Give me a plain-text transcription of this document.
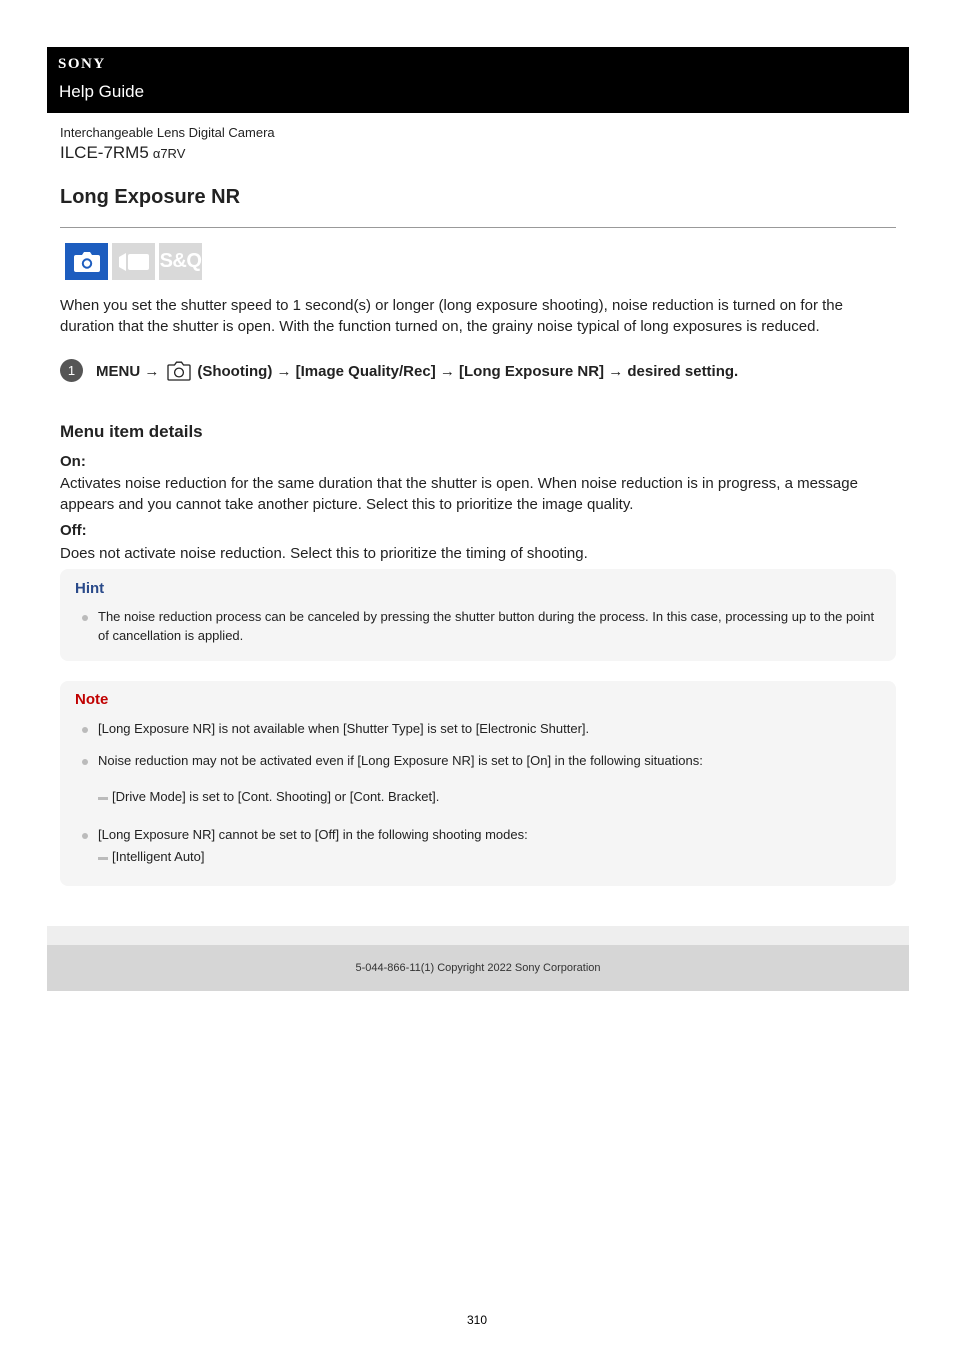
SONY
Help Guide
Interchangeable Lens Digital Camera
ILCE-7RM5 α7RV
Long Exposure NR
S&Q

When you set the shutter speed to 1 second(s) or longer (long exposure shooting), noise reduction is turned on for the duration that the shutter is open. With the function turned on, the grainy noise typical of long exposures is reduced.

1	MENU →	(Shooting) → [Image Quality/Rec] → [Long Exposure NR] → desired setting.
Menu item details
On:

Activates noise reduction for the same duration that the shutter is open. When noise reduction is in progress, a message appears and you cannot take another picture. Select this to prioritize the image quality.

Off:

Does not activate noise reduction. Select this to prioritize the timing of shooting.

Hint

The noise reduction process can be canceled by pressing the shutter button during the process. In this case, processing up to the point of cancellation is applied.

Note

[Long Exposure NR] is not available when [Shutter Type] is set to [Electronic Shutter].

Noise reduction may not be activated even if [Long Exposure NR] is set to [On] in the following situations:

[Drive Mode] is set to [Cont. Shooting] or [Cont. Bracket].

[Long Exposure NR] cannot be set to [Off] in the following shooting modes:

[Intelligent Auto]
5-044-866-11(1) Copyright 2022 Sony Corporation
310
